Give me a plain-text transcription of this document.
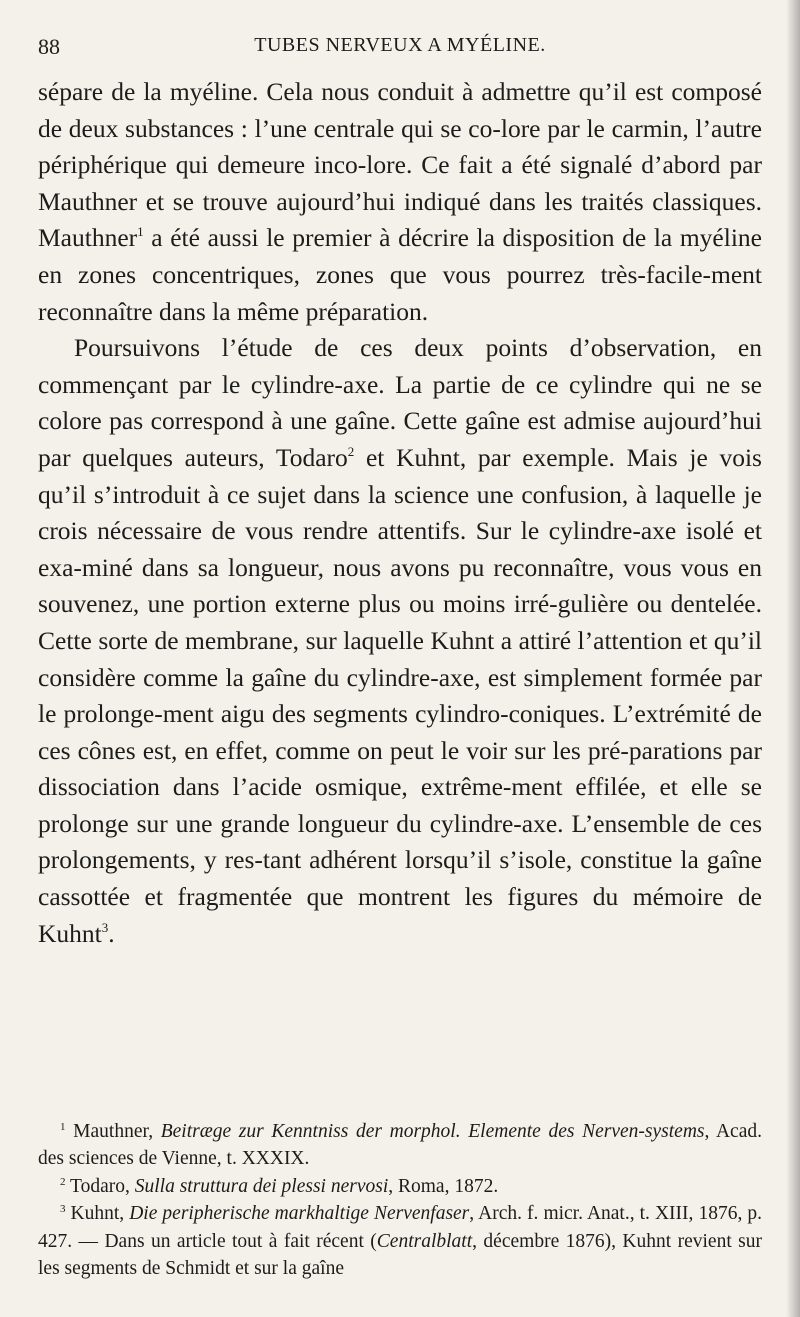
88	TUBES NERVEUX A MYÉLINE.

sépare de la myéline. Cela nous conduit à admettre qu’il est composé de deux substances : l’une centrale qui se co-lore par le carmin, l’autre périphérique qui demeure inco-lore. Ce fait a été signalé d’abord par Mauthner et se trouve aujourd’hui indiqué dans les traités classiques. Mauthner$^1$ a été aussi le premier à décrire la disposition de la myéline en zones concentriques, zones que vous pourrez très-facile-ment reconnaître dans la même préparation.

Poursuivons l’étude de ces deux points d’observation, en commençant par le cylindre-axe. La partie de ce cylindre qui ne se colore pas correspond à une gaîne. Cette gaîne est admise aujourd’hui par quelques auteurs, Todaro$^2$ et Kuhnt, par exemple. Mais je vois qu’il s’introduit à ce sujet dans la science une confusion, à laquelle je crois nécessaire de vous rendre attentifs. Sur le cylindre-axe isolé et exa-miné dans sa longueur, nous avons pu reconnaître, vous vous en souvenez, une portion externe plus ou moins irré-gulière ou dentelée. Cette sorte de membrane, sur laquelle Kuhnt a attiré l’attention et qu’il considère comme la gaîne du cylindre-axe, est simplement formée par le prolonge-ment aigu des segments cylindro-coniques. L’extrémité de ces cônes est, en effet, comme on peut le voir sur les pré-parations par dissociation dans l’acide osmique, extrême-ment effilée, et elle se prolonge sur une grande longueur du cylindre-axe. L’ensemble de ces prolongements, y res-tant adhérent lorsqu’il s’isole, constitue la gaîne cassottée et fragmentée que montrent les figures du mémoire de Kuhnt$^3$.

$^1$ Mauthner, Beitræge zur Kenntniss der morphol. Elemente des Nerven-systems, Acad. des sciences de Vienne, t. XXXIX.

$^2$ Todaro, Sulla struttura dei plessi nervosi, Roma, 1872.

$^3$ Kuhnt, Die peripherische markhaltige Nervenfaser, Arch. f. micr. Anat., t. XIII, 1876, p. 427. — Dans un article tout à fait récent (Centralblatt, décembre 1876), Kuhnt revient sur les segments de Schmidt et sur la gaîne
